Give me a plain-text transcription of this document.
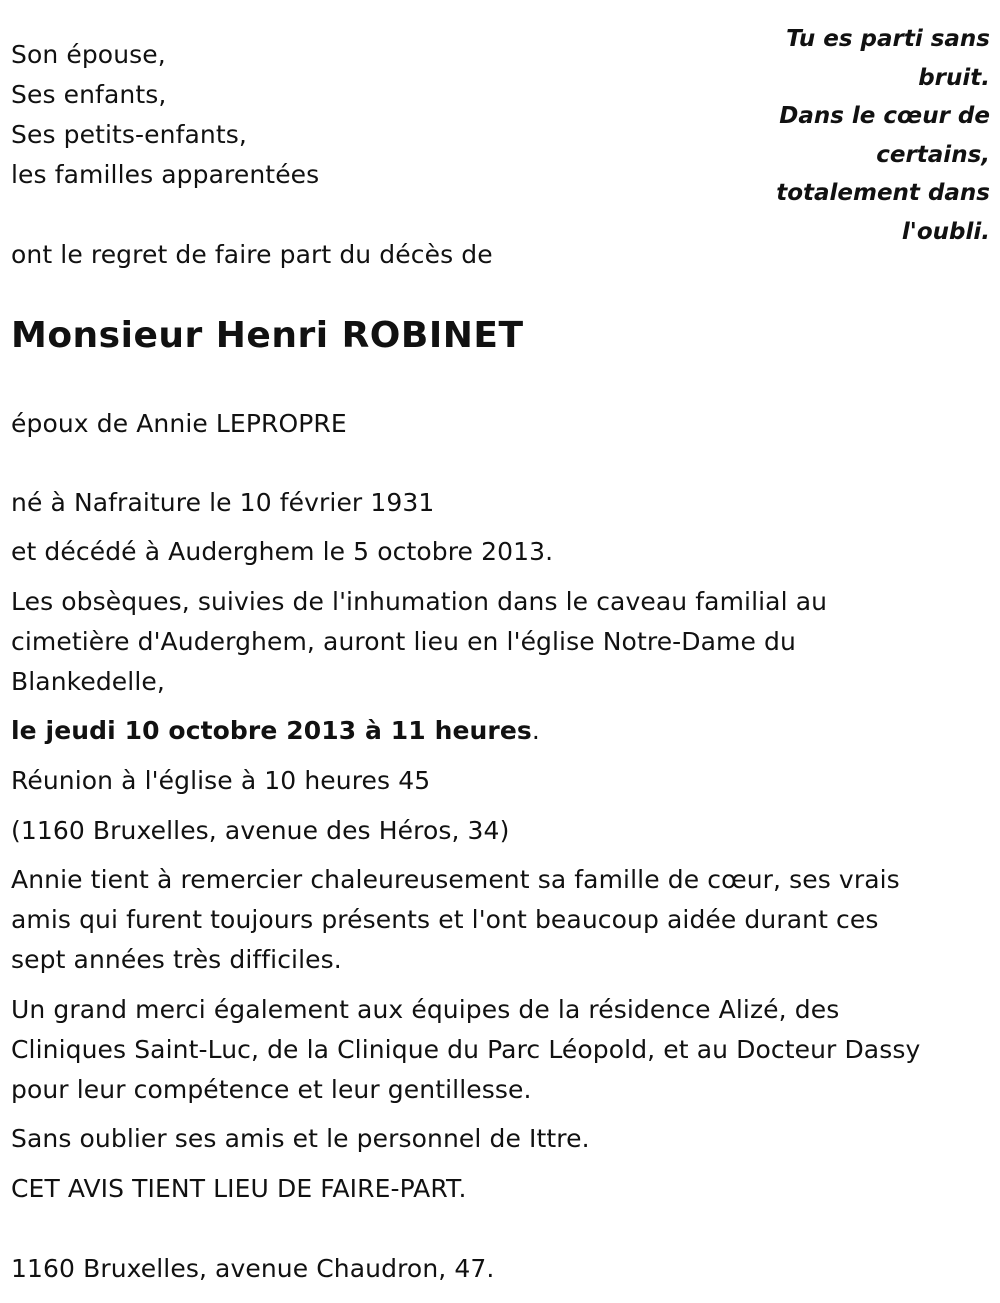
Son épouse,
Ses enfants,
Ses petits-enfants,
les familles apparentées
Tu es parti sans
bruit.
Dans le cœur de
certains,
totalement dans
l'oubli.
ont le regret de faire part du décès de
Monsieur Henri ROBINET
époux de Annie LEPROPRE
né à Nafraiture le 10 février 1931
et décédé à Auderghem le 5 octobre 2013.
Les obsèques, suivies de l'inhumation dans le caveau familial au
cimetière d'Auderghem, auront lieu en l'église Notre-Dame du
Blankedelle,
le jeudi 10 octobre 2013 à 11 heures.
Réunion à l'église à 10 heures 45
(1160 Bruxelles, avenue des Héros, 34)
Annie tient à remercier chaleureusement sa famille de cœur, ses vrais
amis qui furent toujours présents et l'ont beaucoup aidée durant ces
sept années très difficiles.
Un grand merci également aux équipes de la résidence Alizé, des
Cliniques Saint-Luc, de la Clinique du Parc Léopold, et au Docteur Dassy
pour leur compétence et leur gentillesse.
Sans oublier ses amis et le personnel de Ittre.
CET AVIS TIENT LIEU DE FAIRE-PART.
1160 Bruxelles, avenue Chaudron, 47.
